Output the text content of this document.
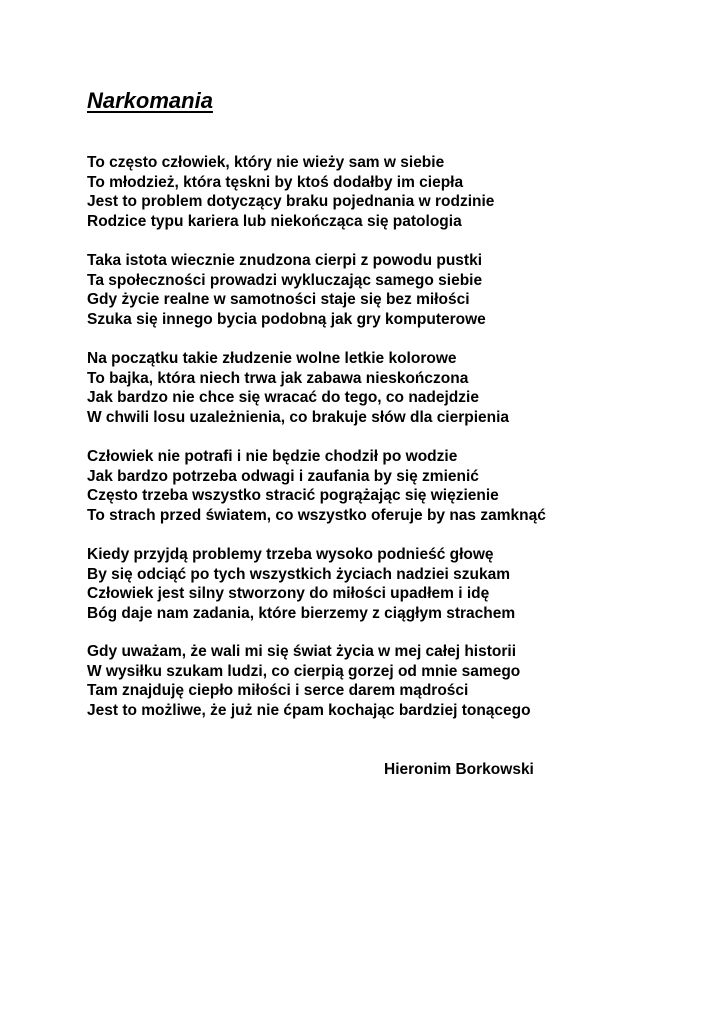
Narkomania

To często człowiek, który nie wieży sam w siebie
To młodzież, która tęskni by ktoś dodałby im ciepła
Jest to problem dotyczący braku pojednania w rodzinie
Rodzice typu kariera lub niekończąca się patologia

Taka istota wiecznie znudzona cierpi z powodu pustki
Ta społeczności prowadzi wykluczając samego siebie
Gdy życie realne w samotności staje się bez miłości
Szuka się innego bycia podobną jak gry komputerowe

Na początku takie złudzenie wolne letkie kolorowe
To bajka, która niech trwa jak zabawa nieskończona
Jak bardzo nie chce się wracać do tego, co nadejdzie
W chwili losu uzależnienia, co brakuje słów dla cierpienia

Człowiek nie potrafi i nie będzie chodził po wodzie
Jak bardzo potrzeba odwagi i zaufania by się zmienić
Często trzeba wszystko stracić pogrążając się więzienie
To strach przed światem, co wszystko oferuje by nas zamknąć

Kiedy przyjdą problemy trzeba wysoko podnieść głowę
By się odciąć po tych wszystkich życiach nadziei szukam
Człowiek jest silny stworzony do miłości upadłem i idę
Bóg daje nam zadania, które bierzemy z ciągłym strachem

Gdy uważam, że wali mi się świat życia w mej całej historii
W wysiłku szukam ludzi, co cierpią gorzej od mnie samego
Tam znajduję ciepło miłości i serce darem mądrości
Jest to możliwe, że już nie ćpam kochając bardziej tonącego

Hieronim Borkowski
